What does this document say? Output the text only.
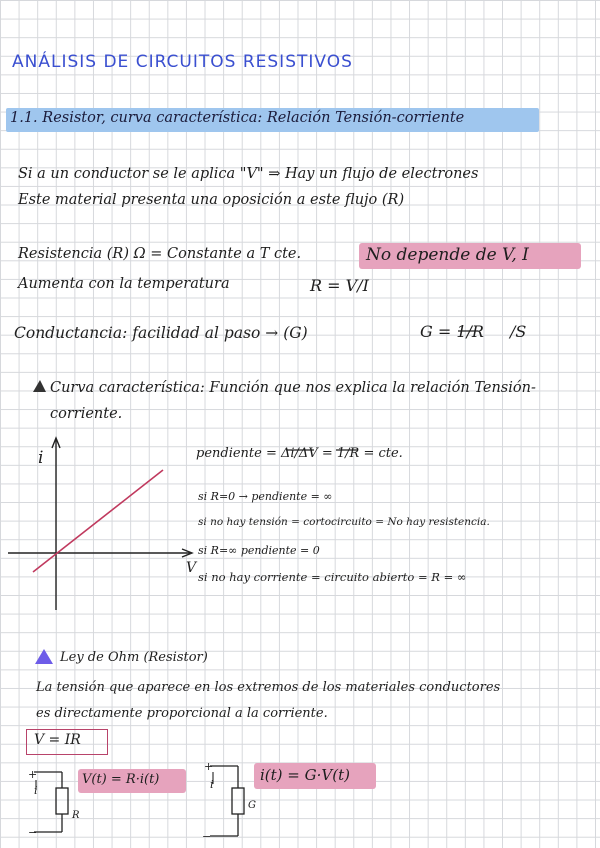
ANÁLISIS DE CIRCUITOS RESISTIVOS
1.1. Resistor, curva característica: Relación Tensión-corriente
Si a un conductor se le aplica "V" ⇒ Hay un flujo de electrones
Este material presenta una oposición a este flujo (R)
Resistencia (R) Ω = Constante a T cte.	No depende de V, I
Aumenta con la temperatura	R = V/I
Conductancia: facilidad al paso → (G)	G = 1/R /S
Curva característica: Función que nos explica la relación Tensión-
corriente.
i
V
pendiente = Δi/ΔV = 1/R = cte.
si R=0 → pendiente = ∞
si no hay tensión = cortocircuito = No hay resistencia.
si R=∞ pendiente = 0
si no hay corriente = circuito abierto = R = ∞
Ley de Ohm (Resistor)
La tensión que aparece en los extremos de los materiales conductores
es directamente proporcional a la corriente.
V = IR
V(t) = R·i(t)	i(t) = G·V(t)
+
i
R
−
+
i
G
−
